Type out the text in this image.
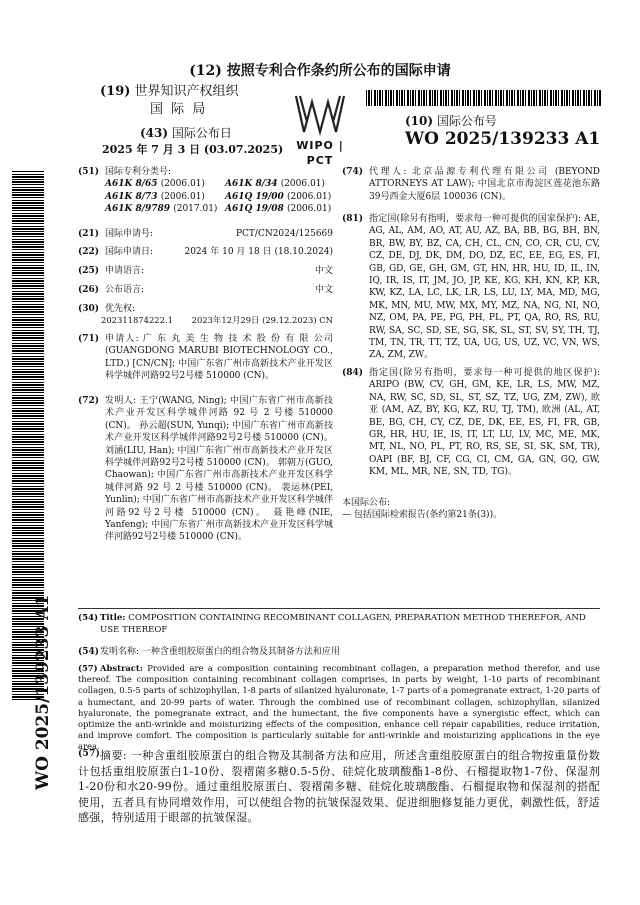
(12) 按照专利合作条约所公布的国际申请
(19) 世界知识产权组织
国 际 局
(43) 国际公布日
2025 年 7 月 3 日 (03.07.2025)	WIPO | PCT
(10) 国际公布号
WO 2025/139233 A1
WO 2025/139233 A1
(51) 国际专利分类号:
A61K 8/65 (2006.01)	A61K 8/34 (2006.01)
A61K 8/73 (2006.01)	A61Q 19/00 (2006.01)
A61K 8/9789 (2017.01) A61Q 19/08 (2006.01)
(21) 国际申请号:	PCT/CN2024/125669
(22) 国际申请日:	2024 年 10 月 18 日 (18.10.2024)
(25) 申请语言:	中文
(26) 公布语言:	中文
(30) 优先权:
202311874222.1 2023年12月29日 (29.12.2023) CN
(71) 申请人: 广 东 丸 美 生 物 技 术 股 份 有 限 公司 (GUANGDONG MARUBI BIOTECHNOLOGY CO., LTD.) [CN/CN]; 中国广东省广州市高新技术产业开发区科学城伴河路92号2号楼 510000 (CN)。
(72) 发明人: 王宁(WANG, Ning); 中国广东省广州市高新技术产业开发区科学城伴河路 92 号 2 号楼 510000 (CN)。 孙云超(SUN, Yunqi); 中国广东省广州市高新技术产业开发区科学城伴河路92号2号楼 510000 (CN)。 刘涵(LIU, Han); 中国广东省广州市高新技术产业开发区科学城伴河路92号2号楼 510000 (CN)。 郭朝万(GUO, Chaowan); 中国广东省广州市高新技术产业开发区科学城伴河路 92 号 2 号楼 510000 (CN)。 裴运林(PEI, Yunlin); 中国广东省广州市高新技术产业开发区科学城伴河路92号2号楼 510000 (CN)。 聂艳峰(NIE, Yanfeng); 中国广东省广州市高新技术产业开发区科学城伴河路92号2号楼 510000 (CN)。
(74) 代理人: 北京品源专利代理有限公司 (BEYOND ATTORNEYS AT LAW); 中国北京市海淀区莲花池东路39号西金大厦6层 100036 (CN)。
(81) 指定国(除另有指明，要求每一种可提供的国家保护): AE, AG, AL, AM, AO, AT, AU, AZ, BA, BB, BG, BH, BN, BR, BW, BY, BZ, CA, CH, CL, CN, CO, CR, CU, CV, CZ, DE, DJ, DK, DM, DO, DZ, EC, EE, EG, ES, FI, GB, GD, GE, GH, GM, GT, HN, HR, HU, ID, IL, IN, IQ, IR, IS, IT, JM, JO, JP, KE, KG, KH, KN, KP, KR, KW, KZ, LA, LC, LK, LR, LS, LU, LY, MA, MD, MG, MK, MN, MU, MW, MX, MY, MZ, NA, NG, NI, NO, NZ, OM, PA, PE, PG, PH, PL, PT, QA, RO, RS, RU, RW, SA, SC, SD, SE, SG, SK, SL, ST, SV, SY, TH, TJ, TM, TN, TR, TT, TZ, UA, UG, US, UZ, VC, VN, WS, ZA, ZM, ZW。
(84) 指定国(除另有指明，要求每一种可提供的地区保护): ARIPO (BW, CV, GH, GM, KE, LR, LS, MW, MZ, NA, RW, SC, SD, SL, ST, SZ, TZ, UG, ZM, ZW), 欧亚 (AM, AZ, BY, KG, KZ, RU, TJ, TM), 欧洲 (AL, AT, BE, BG, CH, CY, CZ, DE, DK, EE, ES, FI, FR, GB, GR, HR, HU, IE, IS, IT, LT, LU, LV, MC, ME, MK, MT, NL, NO, PL, PT, RO, RS, SE, SI, SK, SM, TR), OAPI (BF, BJ, CF, CG, CI, CM, GA, GN, GQ, GW, KM, ML, MR, NE, SN, TD, TG)。
本国际公布:
— 包括国际检索报告(条约第21条(3))。
(54) Title: COMPOSITION CONTAINING RECOMBINANT COLLAGEN, PREPARATION METHOD THEREFOR, AND USE THEREOF
(54) 发明名称: 一种含重组胶原蛋白的组合物及其制备方法和应用
(57) Abstract: Provided are a composition containing recombinant collagen, a preparation method therefor, and use thereof. The composition containing recombinant collagen comprises, in parts by weight, 1-10 parts of recombinant collagen, 0.5-5 parts of schizophyllan, 1-8 parts of silanized hyaluronate, 1-7 parts of a pomegranate extract, 1-20 parts of a humectant, and 20-99 parts of water. Through the combined use of recombinant collagen, schizophyllan, silanized hyaluronate, the pomegranate extract, and the humectant, the five components have a synergistic effect, which can optimize the anti-wrinkle and moisturizing effects of the composition, enhance cell repair capabilities, reduce irritation, and improve comfort. The composition is particularly suitable for anti-wrinkle and moisturizing applications in the eye area.
(57) 摘要: 一种含重组胶原蛋白的组合物及其制备方法和应用，所述含重组胶原蛋白的组合物按重量份数计包括重组胶原蛋白1-10份、裂褶菌多糖0.5-5份、硅烷化玻璃酸酯1-8份、石榴提取物1-7份、保湿剂1-20份和水20-99份。通过重组胶原蛋白、裂褶菌多糖、硅烷化玻璃酸酯、石榴提取物和保湿剂的搭配使用，五者具有协同增效作用，可以使组合物的抗皱保湿效果、促进细胞修复能力更优，刺激性低，舒适感强，特别适用于眼部的抗皱保湿。
